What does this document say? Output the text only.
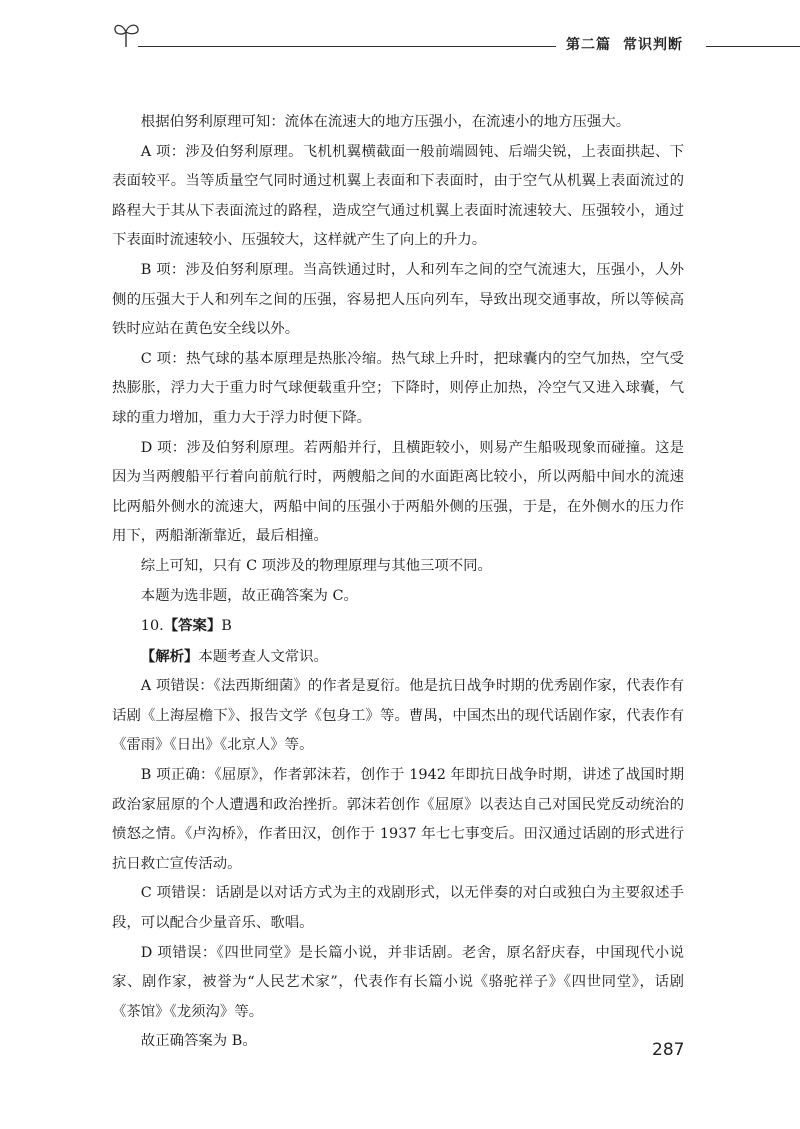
第二篇 常识判断

根据伯努利原理可知：流体在流速大的地方压强小，在流速小的地方压强大。

A 项：涉及伯努利原理。飞机机翼横截面一般前端圆钝、后端尖锐，上表面拱起、下表面较平。当等质量空气同时通过机翼上表面和下表面时，由于空气从机翼上表面流过的路程大于其从下表面流过的路程，造成空气通过机翼上表面时流速较大、压强较小，通过下表面时流速较小、压强较大，这样就产生了向上的升力。

B 项：涉及伯努利原理。当高铁通过时，人和列车之间的空气流速大，压强小，人外侧的压强大于人和列车之间的压强，容易把人压向列车，导致出现交通事故，所以等候高铁时应站在黄色安全线以外。

C 项：热气球的基本原理是热胀冷缩。热气球上升时，把球囊内的空气加热，空气受热膨胀，浮力大于重力时气球便载重升空；下降时，则停止加热，冷空气又进入球囊，气球的重力增加，重力大于浮力时便下降。

D 项：涉及伯努利原理。若两船并行，且横距较小，则易产生船吸现象而碰撞。这是因为当两艘船平行着向前航行时，两艘船之间的水面距离比较小，所以两船中间水的流速比两船外侧水的流速大，两船中间的压强小于两船外侧的压强，于是，在外侧水的压力作用下，两船渐渐靠近，最后相撞。

综上可知，只有 C 项涉及的物理原理与其他三项不同。

本题为选非题，故正确答案为 C。

10.【答案】B

【解析】本题考查人文常识。

A 项错误：《法西斯细菌》的作者是夏衍。他是抗日战争时期的优秀剧作家，代表作有话剧《上海屋檐下》、报告文学《包身工》等。曹禺，中国杰出的现代话剧作家，代表作有《雷雨》《日出》《北京人》等。

B 项正确：《屈原》，作者郭沫若，创作于 1942 年即抗日战争时期，讲述了战国时期政治家屈原的个人遭遇和政治挫折。郭沫若创作《屈原》以表达自己对国民党反动统治的愤怒之情。《卢沟桥》，作者田汉，创作于 1937 年七七事变后。田汉通过话剧的形式进行抗日救亡宣传活动。

C 项错误：话剧是以对话方式为主的戏剧形式，以无伴奏的对白或独白为主要叙述手段，可以配合少量音乐、歌唱。

D 项错误：《四世同堂》是长篇小说，并非话剧。老舍，原名舒庆春，中国现代小说家、剧作家，被誉为“人民艺术家”，代表作有长篇小说《骆驼祥子》《四世同堂》，话剧《茶馆》《龙须沟》等。

故正确答案为 B。	287
